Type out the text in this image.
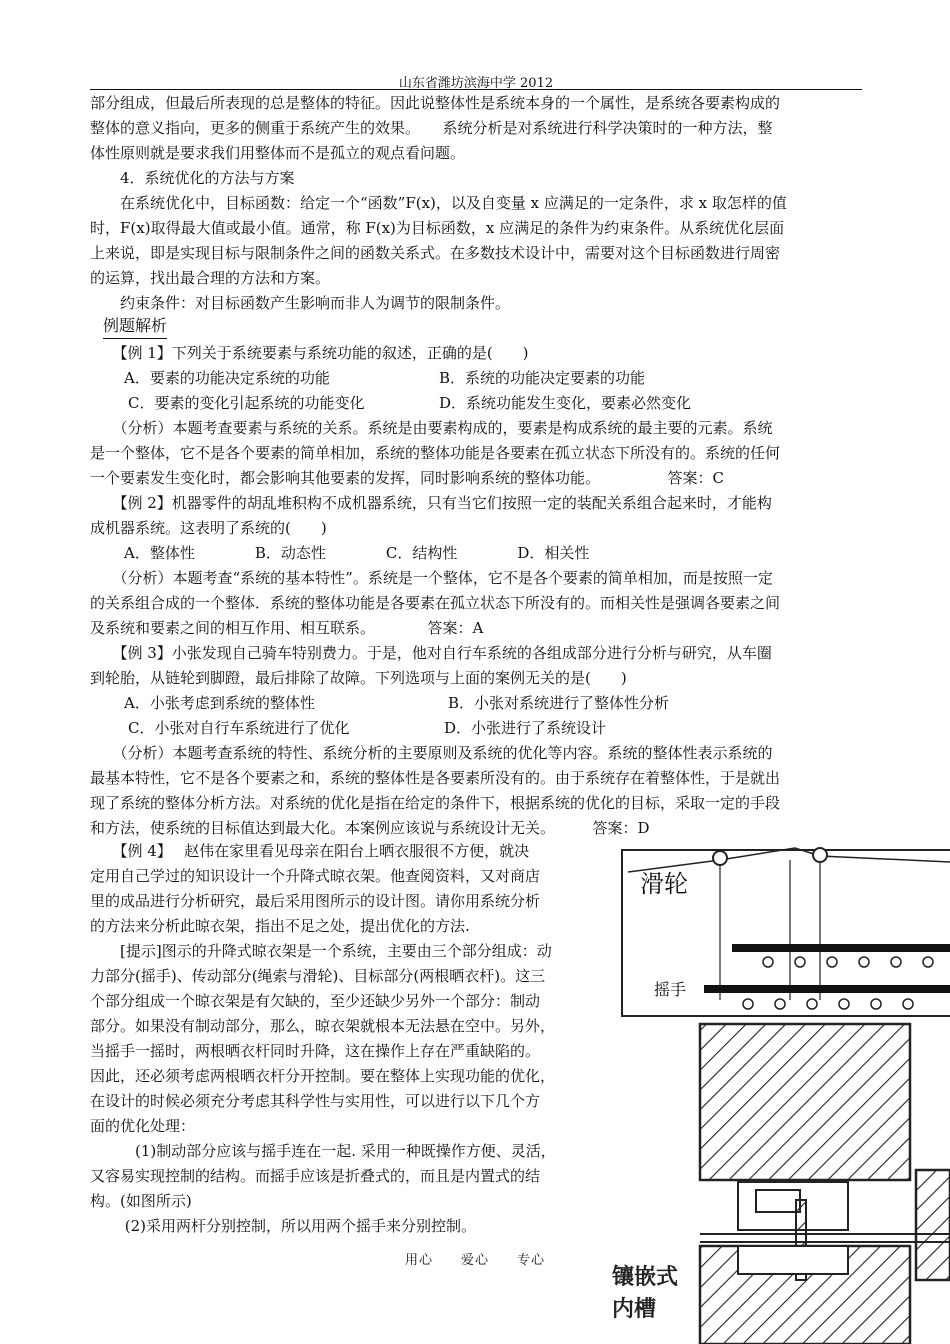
山东省潍坊滨海中学 2012
部分组成，但最后所表现的总是整体的特征。因此说整体性是系统本身的一个属性，是系统各要素构成的
整体的意义指向，更多的侧重于系统产生的效果。　　系统分析是对系统进行科学决策时的一种方法，整
体性原则就是要求我们用整体而不是孤立的观点看问题。
　　4．系统优化的方法与方案
　　在系统优化中，目标函数：给定一个“函数”F(x)，以及自变量 x 应满足的一定条件，求 x 取怎样的值
时，F(x)取得最大值或最小值。通常，称 F(x)为目标函数，x 应满足的条件为约束条件。从系统优化层面
上来说，即是实现目标与限制条件之间的函数关系式。在多数技术设计中，需要对这个目标函数进行周密
的运算，找出最合理的方法和方案。
　　约束条件：对目标函数产生影响而非人为调节的限制条件。
例题解析
　　【例 1】下列关于系统要素与系统功能的叙述，正确的是(　　)
A．要素的功能决定系统的功能	B．系统的功能决定要素的功能
C．要素的变化引起系统的功能变化	D．系统功能发生变化，要素必然变化
　　（分析）本题考查要素与系统的关系。系统是由要素构成的，要素是构成系统的最主要的元素。系统
是一个整体，它不是各个要素的简单相加，系统的整体功能是各要素在孤立状态下所没有的。系统的任何
一个要素发生变化时，都会影响其他要素的发挥，同时影响系统的整体功能。　　　　　答案：C
　　【例 2】机器零件的胡乱堆积构不成机器系统，只有当它们按照一定的装配关系组合起来时，才能构
成机器系统。这表明了系统的(　　)
A．整体性　　　　B．动态性　　　　C．结构性　　　　D．相关性
　　（分析）本题考查“系统的基本特性”。系统是一个整体，它不是各个要素的简单相加，而是按照一定
的关系组合成的一个整体．系统的整体功能是各要素在孤立状态下所没有的。而相关性是强调各要素之间
及系统和要素之间的相互作用、相互联系。　　　　答案：A
　　【例 3】小张发现自己骑车特别费力。于是，他对自行车系统的各组成部分进行分析与研究，从车圈
到轮胎，从链轮到脚蹬，最后排除了故障。下列选项与上面的案例无关的是(　　)
A．小张考虑到系统的整体性	B．小张对系统进行了整体性分析
C．小张对自行车系统进行了优化	D．小张进行了系统设计
　　（分析）本题考查系统的特性、系统分析的主要原则及系统的优化等内容。系统的整体性表示系统的
最基本特性，它不是各个要素之和，系统的整体性是各要素所没有的。由于系统存在着整体性，于是就出
现了系统的整体分析方法。对系统的优化是指在给定的条件下，根据系统的优化的目标，采取一定的手段
和方法，使系统的目标值达到最大化。本案例应该说与系统设计无关。　　　答案：D
　　【例 4】　 赵伟在家里看见母亲在阳台上晒衣服很不方便，就决
定用自己学过的知识设计一个升降式晾衣架。他查阅资料，又对商店
里的成品进行分析研究，最后采用图所示的设计图。请你用系统分析
的方法来分析此晾衣架，指出不足之处，提出优化的方法.
　　[提示]图示的升降式晾衣架是一个系统，主要由三个部分组成：动
力部分(摇手)、传动部分(绳索与滑轮)、目标部分(两根晒衣杆)。这三
个部分组成一个晾衣架是有欠缺的，至少还缺少另外一个部分：制动
部分。如果没有制动部分，那么，晾衣架就根本无法悬在空中。另外，
当摇手一摇时，两根晒衣杆同时升降，这在操作上存在严重缺陷的。
因此，还必须考虑两根晒衣杆分开控制。要在整体上实现功能的优化，
在设计的时候必须充分考虑其科学性与实用性，可以进行以下几个方
面的优化处理：
　　　(1)制动部分应该与摇手连在一起. 采用一种既操作方便、灵活，
又容易实现控制的结构。而摇手应该是折叠式的，而且是内置式的结
构。(如图所示)
　　 (2)采用两杆分别控制，所以用两个摇手来分别控制。
滑轮
摇手
镶嵌式
内槽
用心　　爱心　　专心
